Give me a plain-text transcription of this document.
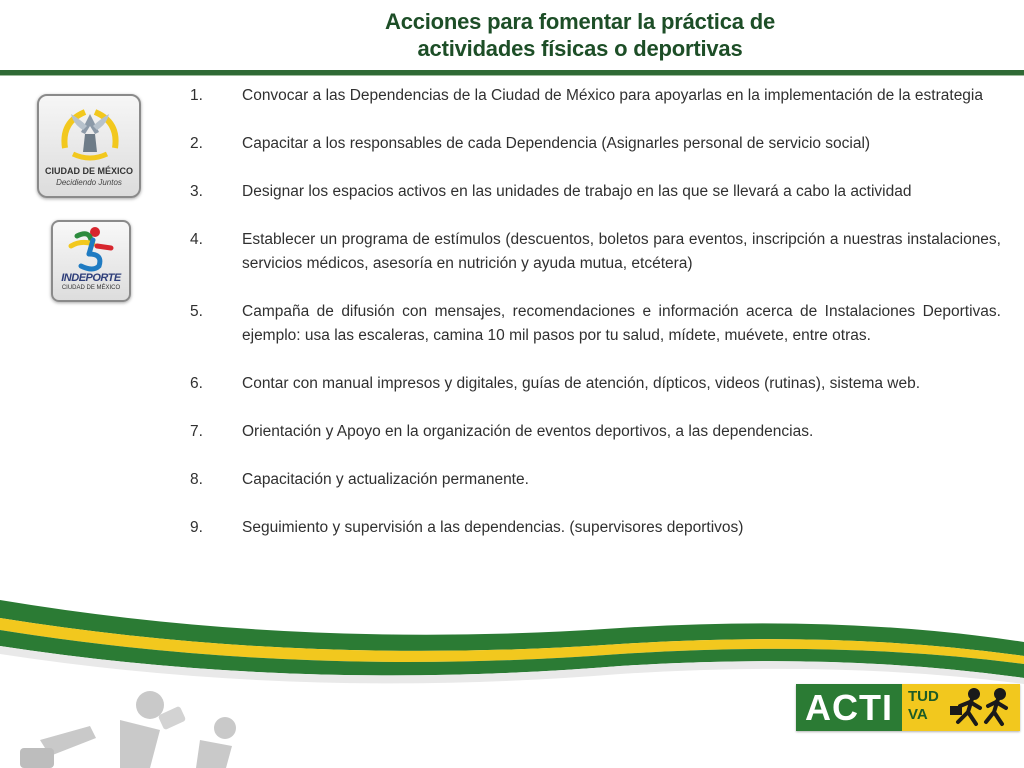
Acciones para fomentar la práctica de
actividades físicas o deportivas
CIUDAD DE MÉXICO
Decidiendo Juntos
INDEPORTE
CIUDAD DE MÉXICO
1.	Convocar a las Dependencias de la Ciudad de México para apoyarlas en la implementación de la estrategia
2.	Capacitar a los responsables de cada Dependencia (Asignarles personal de servicio social)
3.	Designar los espacios activos en las unidades de trabajo en las que se llevará a cabo la actividad
4.	Establecer un programa de estímulos (descuentos, boletos para eventos, inscripción a nuestras instalaciones, servicios médicos, asesoría en nutrición y ayuda mutua, etcétera)
5.	Campaña de difusión con mensajes, recomendaciones e información acerca de Instalaciones Deportivas. ejemplo: usa las escaleras, camina 10 mil pasos por tu salud, mídete, muévete, entre otras.
6.	Contar con manual impresos y digitales, guías de atención, dípticos, videos (rutinas), sistema web.
7.	Orientación y Apoyo en la organización de eventos deportivos, a las dependencias.
8.	Capacitación y actualización permanente.
9.	Seguimiento y supervisión a las dependencias. (supervisores deportivos)
ACTI	TUD
VA
